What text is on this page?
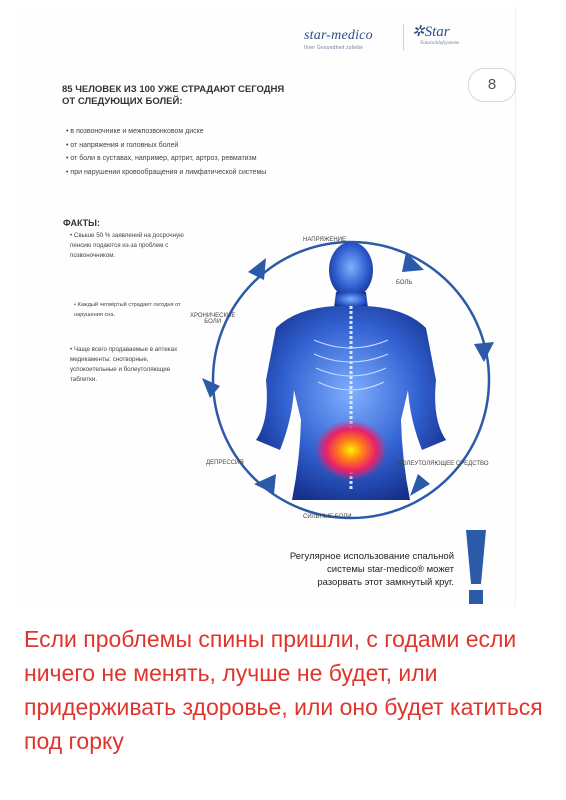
star-medico
Ihrer Gesundheit zuliebe
✲Star
Naturschlafsysteme
8
85 ЧЕЛОВЕК ИЗ 100 УЖЕ СТРАДАЮТ СЕГОДНЯ
ОТ СЛЕДУЮЩИХ БОЛЕЙ:
• в позвоночнике и межпозвонковом диске
• от напряжения и головных болей
• от боли в суставах, например, артрит, артроз, ревматизм
• при нарушении кровообращения и лимфатической системы
ФАКТЫ:
• Свыше 50 % заявлений на досрочную пенсию подаются из-за проблем с позвоночником.
• Каждый четвёртый страдает сегодня от нарушения сна.
• Чаще всего продаваемые в аптеках медикаменты: снотворные, успокоительные и болеутоляющие таблетки.
НАПРЯЖЕНИЕ
БОЛЬ
ХРОНИЧЕСКИЕ
БОЛИ
ДЕПРЕССИЯ	БОЛЕУТОЛЯЮЩЕЕ СРЕДСТВО
СИЛЬНЫЕ БОЛИ
Регулярное использование спальной
системы star-medico® может
разорвать этот замкнутый круг.
Если проблемы спины пришли, с годами если ничего не менять, лучше не будет, или придерживать здоровье, или оно будет катиться под горку
